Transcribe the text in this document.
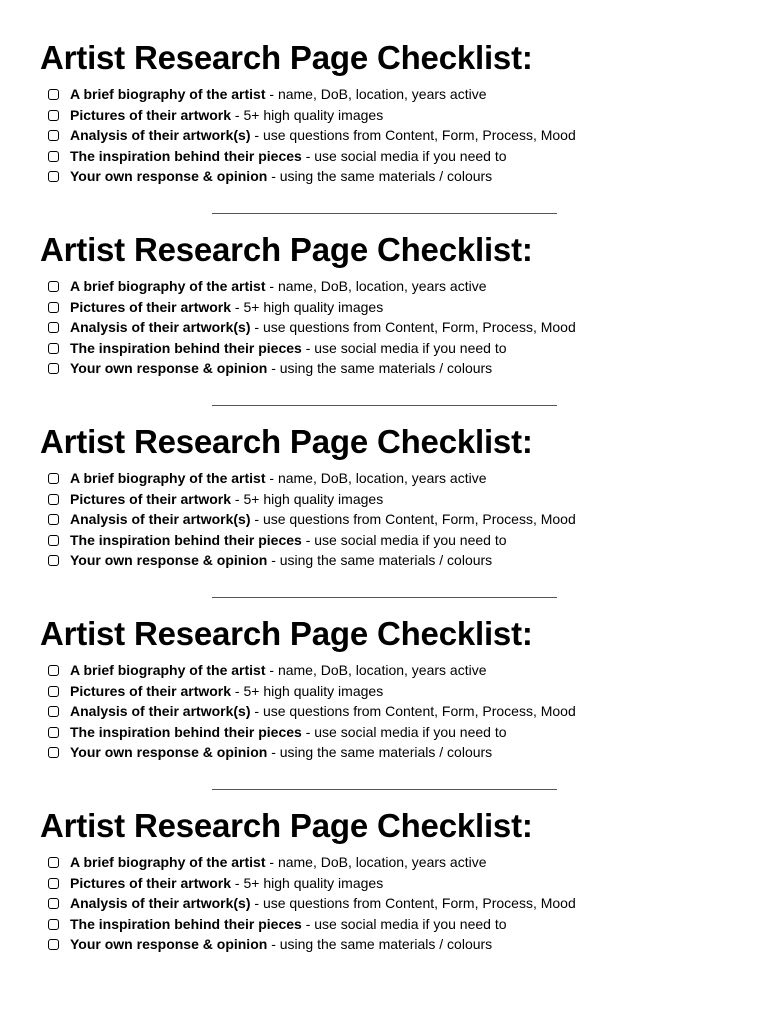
Artist Research Page Checklist:
A brief biography of the artist - name, DoB, location, years active
Pictures of their artwork - 5+ high quality images
Analysis of their artwork(s) - use questions from Content, Form, Process, Mood
The inspiration behind their pieces - use social media if you need to
Your own response & opinion - using the same materials / colours
Artist Research Page Checklist:
A brief biography of the artist - name, DoB, location, years active
Pictures of their artwork - 5+ high quality images
Analysis of their artwork(s) - use questions from Content, Form, Process, Mood
The inspiration behind their pieces - use social media if you need to
Your own response & opinion - using the same materials / colours
Artist Research Page Checklist:
A brief biography of the artist - name, DoB, location, years active
Pictures of their artwork - 5+ high quality images
Analysis of their artwork(s) - use questions from Content, Form, Process, Mood
The inspiration behind their pieces - use social media if you need to
Your own response & opinion - using the same materials / colours
Artist Research Page Checklist:
A brief biography of the artist - name, DoB, location, years active
Pictures of their artwork - 5+ high quality images
Analysis of their artwork(s) - use questions from Content, Form, Process, Mood
The inspiration behind their pieces - use social media if you need to
Your own response & opinion - using the same materials / colours
Artist Research Page Checklist:
A brief biography of the artist - name, DoB, location, years active
Pictures of their artwork - 5+ high quality images
Analysis of their artwork(s) - use questions from Content, Form, Process, Mood
The inspiration behind their pieces - use social media if you need to
Your own response & opinion - using the same materials / colours
